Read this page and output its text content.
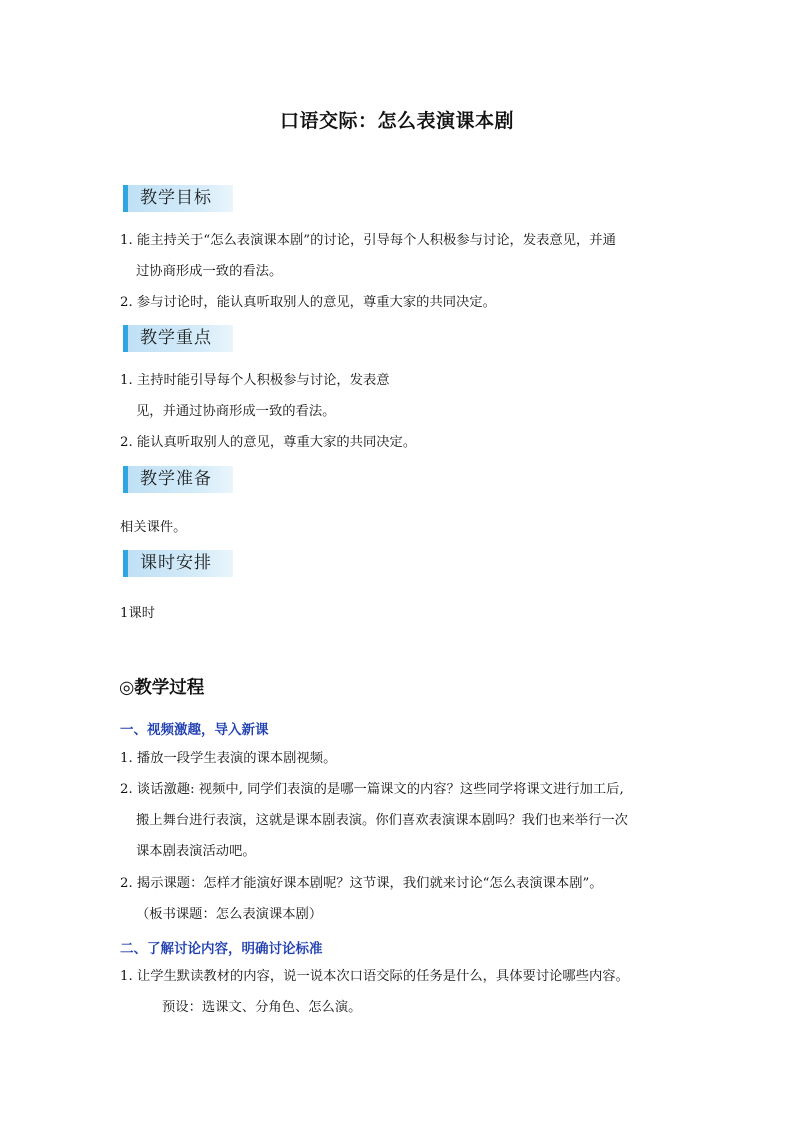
口语交际：怎么表演课本剧
教学目标
1. 能主持关于“怎么表演课本剧”的讨论，引导每个人积极参与讨论，发表意见，并通
过协商形成一致的看法。
2. 参与讨论时，能认真听取别人的意见，尊重大家的共同决定。
教学重点
1. 主持时能引导每个人积极参与讨论，发表意
见，并通过协商形成一致的看法。
2. 能认真听取别人的意见，尊重大家的共同决定。
教学准备
相关课件。
课时安排
1课时
◎教学过程
一、视频激趣，导入新课
1. 播放一段学生表演的课本剧视频。
2. 谈话激趣: 视频中, 同学们表演的是哪一篇课文的内容？这些同学将课文进行加工后,
搬上舞台进行表演，这就是课本剧表演。你们喜欢表演课本剧吗？我们也来举行一次
课本剧表演活动吧。
2. 揭示课题：怎样才能演好课本剧呢？这节课，我们就来讨论“怎么表演课本剧”。
（板书课题：怎么表演课本剧）
二、了解讨论内容，明确讨论标准
1. 让学生默读教材的内容，说一说本次口语交际的任务是什么，具体要讨论哪些内容。
预设：选课文、分角色、怎么演。
